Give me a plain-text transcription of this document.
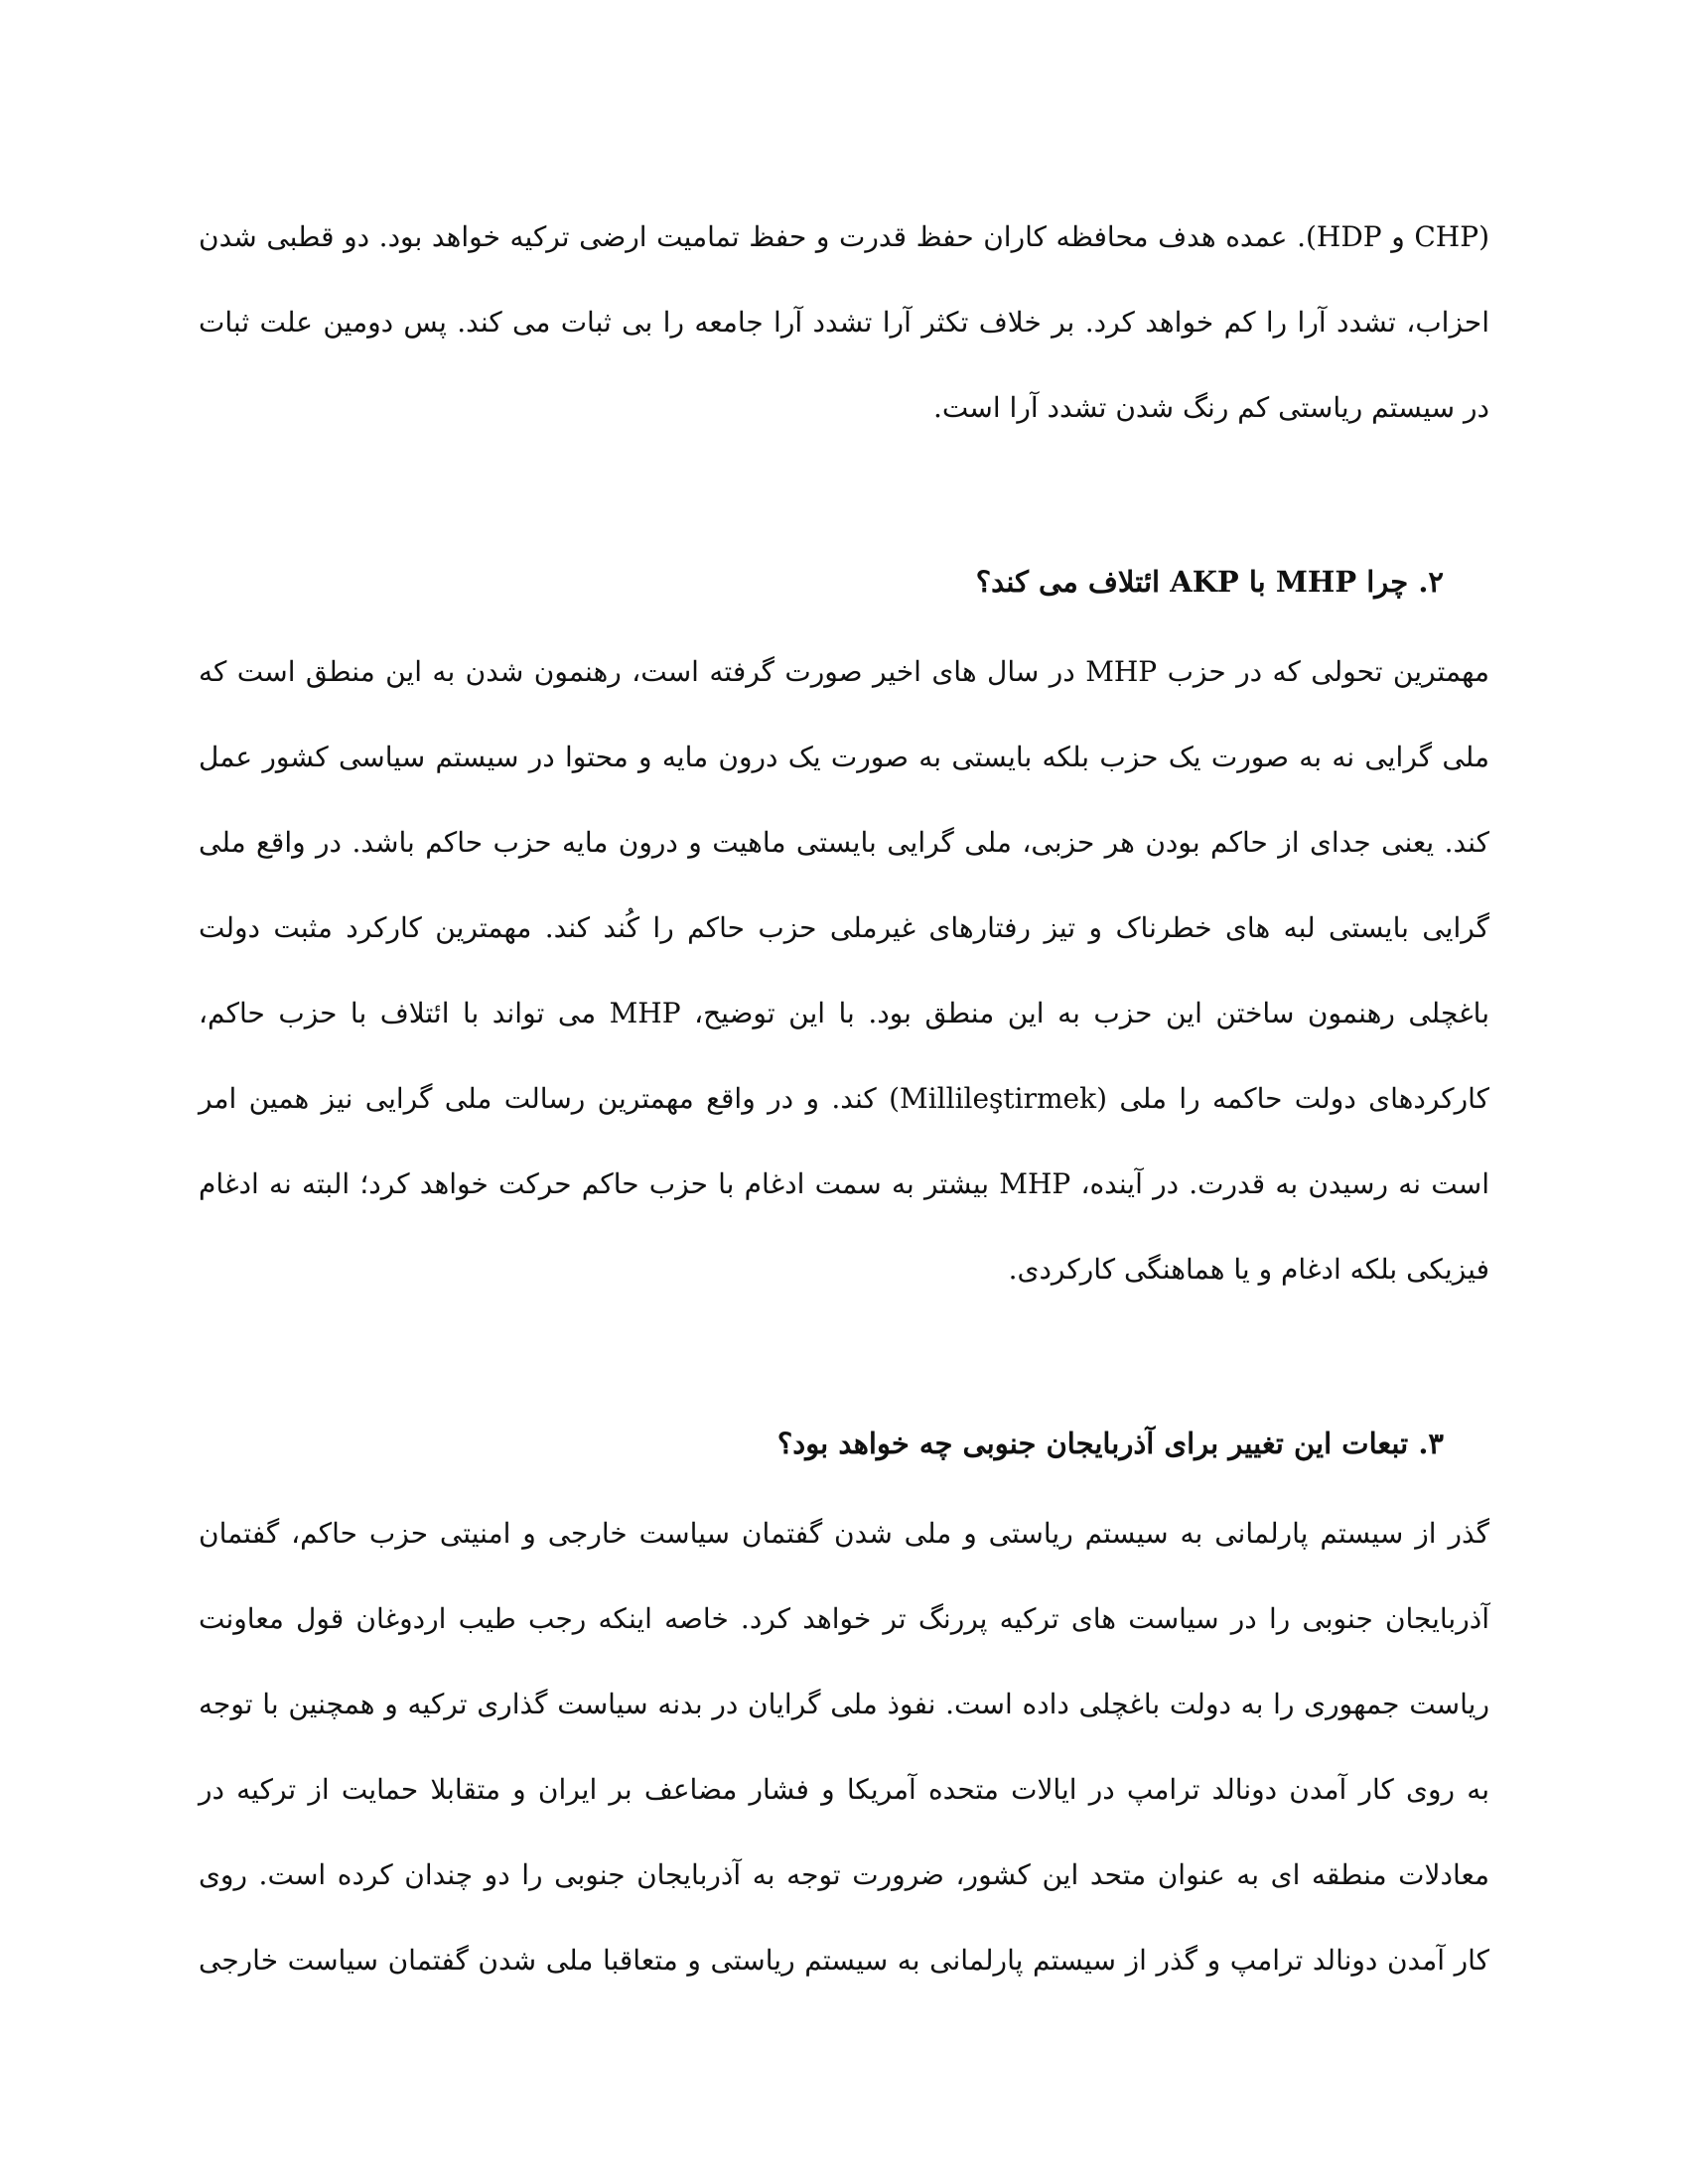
(CHP و HDP). عمده هدف محافظه کاران حفظ قدرت و حفظ تمامیت ارضی ترکیه خواهد بود. دو قطبی شدن
احزاب، تشدد آرا را کم خواهد کرد. بر خلاف تکثر آرا تشدد آرا جامعه را بی ثبات می کند. پس دومین علت ثبات
در سیستم ریاستی کم رنگ شدن تشدد آرا است.
۲. چرا MHP با AKP ائتلاف می کند؟
مهمترین تحولی که در حزب MHP در سال های اخیر صورت گرفته است، رهنمون شدن به این منطق است که
ملی گرایی نه به صورت یک حزب بلکه بایستی به صورت یک درون مایه و محتوا در سیستم سیاسی کشور عمل
کند. یعنی جدای از حاکم بودن هر حزبی، ملی گرایی بایستی ماهیت و درون مایه حزب حاکم باشد. در واقع ملی
گرایی بایستی لبه های خطرناک و تیز رفتارهای غیرملی حزب حاکم را کُند کند. مهمترین کارکرد مثبت دولت
باغچلی رهنمون ساختن این حزب به این منطق بود. با این توضیح، MHP می تواند با ائتلاف با حزب حاکم،
کارکردهای دولت حاکمه را ملی (Millileştirmek) کند. و در واقع مهمترین رسالت ملی گرایی نیز همین امر
است نه رسیدن به قدرت. در آینده، MHP بیشتر به سمت ادغام با حزب حاکم حرکت خواهد کرد؛ البته نه ادغام
فیزیکی بلکه ادغام و یا هماهنگی کارکردی.
۳. تبعات این تغییر برای آذربایجان جنوبی چه خواهد بود؟
گذر از سیستم پارلمانی به سیستم ریاستی و ملی شدن گفتمان سیاست خارجی و امنیتی حزب حاکم، گفتمان
آذربایجان جنوبی را در سیاست های ترکیه پررنگ تر خواهد کرد. خاصه اینکه رجب طیب اردوغان قول معاونت
ریاست جمهوری را به دولت باغچلی داده است. نفوذ ملی گرایان در بدنه سیاست گذاری ترکیه و همچنین با توجه
به روی کار آمدن دونالد ترامپ در ایالات متحده آمریکا و فشار مضاعف بر ایران و متقابلا حمایت از ترکیه در
معادلات منطقه ای به عنوان متحد این کشور، ضرورت توجه به آذربایجان جنوبی را دو چندان کرده است. روی
کار آمدن دونالد ترامپ و گذر از سیستم پارلمانی به سیستم ریاستی و متعاقبا ملی شدن گفتمان سیاست خارجی
